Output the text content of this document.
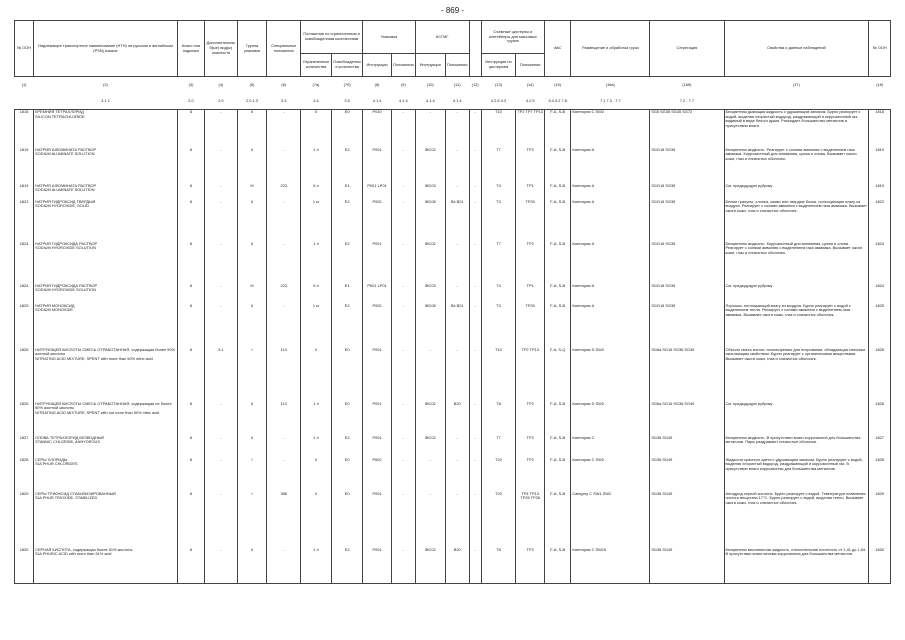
- 869 -
№ ООН	Надлежащее транспортное наименование (НТН) на русском и английском (PSN) языках	Класс или подкласс	Дополнительный(ые) вид(ы) опасности	Группа упаковки	Специальные положения	Положения по ограниченным и освобожденным количествам		Упаковка		КСГМГ			Съемные цистерны и контейнеры для массовых грузов		АвС	Размещение и обработка груза	Сегрегация	Свойства и данные наблюдений	№ ООН
						Ограниченные количества	Освобожденные количества	Инструкции	Положения	Инструкции	Положения		Инструкции по цистернам	Положения					
(1)	(2)	(3)	(4)	(5)	(6)	(7a)	(7б)	(8)	(9)	(10)	(11)	(12)	(13)	(14)	(15)	(16a)	(16б)	(17)	(18)
	3.1.2	2.0	2.0	2.0.1.3	3.3	3.4	3.5	4.1.4	4.1.4	4.1.4	4.1.4		4.2.5 4.3	4.2.5	5.4.3.2 7.8	7.1 7.3 - 7.7	7.2 - 7.7		
1818	КРЕМНИЯ ТЕТРАХЛОРИД
SILICON TETRACHLORIDE	8	-	II	-	0	E0	P010	-	-	-	-	T10	TP2 TP7 TP13	F-A, S-B	Категория C SW2	SG5 SG36 SG45 SG72	Бесцветная дымящая жидкость с удушающим запахом. Бурно реагирует с водой, выделяя хлористый водород, раздражающий и коррозионный газ, видимый в виде белого дыма. Разъедает большинство металлов в присутствии влаги.	1818
1819	НАТРИЯ АЛЮМИНАТА РАСТВОР
SODIUM ALUMINATE SOLUTION	8	-	II	-	1 л	E2	P001	-	IBC02	-	-	T7	TP2	F-A, S-B	Категория A	SGG18 SG35	Бесцветная жидкость. Реагирует с солями аммония с выделением газа аммиака. Коррозионный для алюминия, цинка и олова. Вызывает ожоги кожи, глаз и слизистых оболочек.	1819
1819	НАТРИЯ АЛЮМИНАТА РАСТВОР
SODIUM ALUMINATE SOLUTION	8	-	III	223	5 л	E1	P001 LP01	-	IBC03	-	-	T4	TP1	F-A, S-B	Категория A	SGG18 SG35	См. предыдущую рубрику	1819
1823	НАТРИЯ ГИДРОКСИД ТВЕРДЫЙ
SODIUM HYDROXIDE, SOLID	8	-	II	-	1 кг	E2	P002	-	IBC08	B4 B21	-	T3	TP33	F-A, S-B	Категория A	SGG18 SG35	Белые гранулы, хлопья, комки или твердые блоки, поглощающие влагу из воздуха. Реагирует с солями аммония с выделением газа аммиака. Вызывает ожоги кожи, глаз и слизистых оболочек.	1823
1824	НАТРИЯ ГИДРОКСИДА РАСТВОР
SODIUM HYDROXIDE SOLUTION	8	-	II	-	1 л	E2	P001	-	IBC02	-	-	T7	TP2	F-A, S-B	Категория A	SGG18 SG35	Бесцветная жидкость. Коррозионный для алюминия, цинка и олова. Реагирует с солями аммония с выделением газа аммиака. Вызывает ожоги кожи, глаз и слизистых оболочек.	1824
1824	НАТРИЯ ГИДРОКСИДА РАСТВОР
SODIUM HYDROXIDE SOLUTION	8	-	III	223	5 л	E1	P001 LP01	-	IBC03	-	-	T4	TP1	F-A, S-B	Категория A	SGG18 SG35	См. предыдущую рубрику	1824
1825	НАТРИЯ МОНОКСИД
SODIUM MONOXIDE	8	-	II	-	1 кг	E2	P002	-	IBC08	B4 B21	-	T3	TP33	F-A, S-B	Категория A	SGG18 SG35	Порошок, поглощающий влагу из воздуха. Бурно реагирует с водой с выделением тепла. Реагирует с солями аммония с выделением газа аммиака. Вызывает ожоги кожи, глаз и слизистых оболочек.	1825
1826	НИТРУЮЩЕЙ КИСЛОТЫ СМЕСЬ ОТРАБОТАННАЯ, содержащая более 50% азотной кислоты
NITRATING ACID MIXTURE, SPENT with more than 50% nitric acid	8	5.1	I	113	0	E0	P001	-	-	-	-	T10	TP2 TP13	F-A, S-Q	Категория D SW2	SG6a SG16 SG36 SG49	Обычно смесь кислот, используемых для нитрования, обладающая сильным окисляющим свойством. Бурно реагирует с органическими веществами. Вызывает ожоги кожи, глаз и слизистых оболочек.	1826
1826	НИТРУЮЩЕЙ КИСЛОТЫ СМЕСЬ ОТРАБОТАННАЯ, содержащая не более 50% азотной кислоты
NITRATING ACID MIXTURE, SPENT with not more than 50% nitric acid	8	-	II	113	1 л	E0	P001	-	IBC02	B20	-	T8	TP2	F-A, S-B	Категория D SW2	SG6a SG16 SG36 SG49	См. предыдущую рубрику	1826
1827	ОЛОВА ТЕТРАХЛОРИД БЕЗВОДНЫЙ
STANNIC CHLORIDE, ANHYDROUS	8	-	II	-	1 л	E2	P001	-	IBC02	-	-	T7	TP2	F-A, S-B	Категория C	SG36 SG49	Бесцветная жидкость. В присутствии влаги коррозионна для большинства металлов. Пары раздражают слизистые оболочки.	1827
1828	СЕРЫ ХЛОРИДЫ
SULPHUR CHLORIDES	8	-	I	-	0	E0	P602	-	-	-	-	T20	TP2	F-A, S-B	Категория C SW2	SG36 SG49	Жидкости красного цвета с удушающим запахом. Бурно реагируют с водой, выделяя хлористый водород, раздражающий и коррозионный газ. В присутствии влаги коррозионны для большинства металлов.	1828
1829	СЕРЫ ТРИОКСИД СТАБИЛИЗИРОВАННЫЙ
SULPHUR TRIOXIDE, STABILIZED	8	-	I	386	0	E0	P001	-	-	-	-	T20	TP4 TP13 TP25 TP26	F-A, S-B	Category C SW1 SW2	SG36 SG49	Ангидрид серной кислоты. Бурно реагирует с водой. Температура плавления чистого вещества 17°С. Бурно реагирует с водой, выделяя тепло. Вызывает ожоги кожи, глаз и слизистых оболочек.	1829
1830	СЕРНАЯ КИСЛОТА, содержащая более 51% кислоты
SULPHURIC ACID with more than 51% acid	8	-	II	-	1 л	E2	P001	-	IBC02	B20	-	T8	TP2	F-A, S-B	Категория C SW15	SG36 SG49	Бесцветная маслянистая жидкость, относительная плотность от 1,41 до 1,84. В присутствии влаги весьма коррозионна для большинства металлов.	1830
